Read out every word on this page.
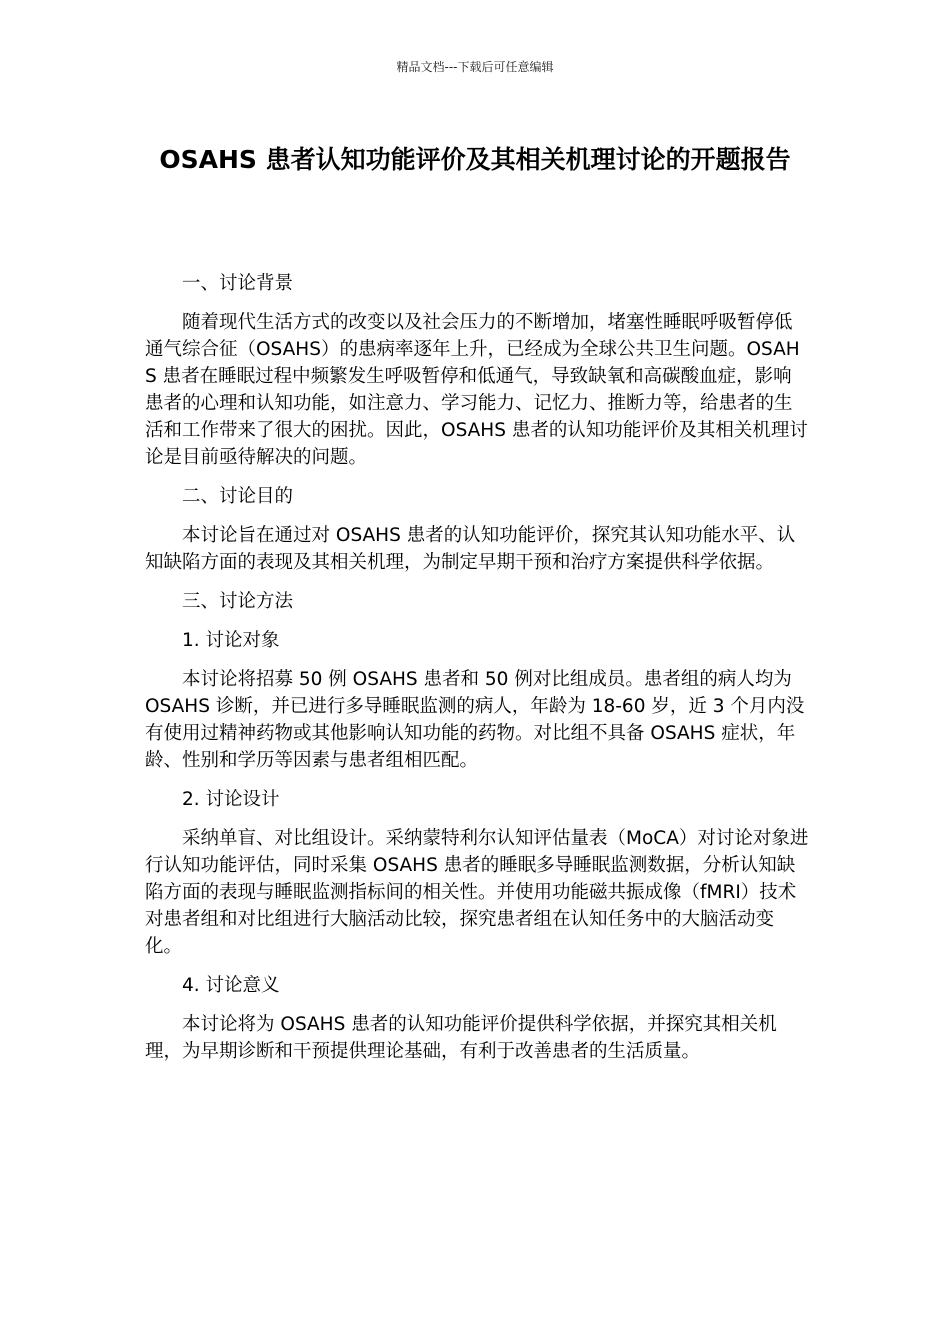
精品文档---下载后可任意编辑
OSAHS 患者认知功能评价及其相关机理讨论的开题报告

一、讨论背景

随着现代生活方式的改变以及社会压力的不断增加，堵塞性睡眠呼吸暂停低通气综合征（OSAHS）的患病率逐年上升，已经成为全球公共卫生问题。OSAHS 患者在睡眠过程中频繁发生呼吸暂停和低通气，导致缺氧和高碳酸血症，影响患者的心理和认知功能，如注意力、学习能力、记忆力、推断力等，给患者的生活和工作带来了很大的困扰。因此，OSAHS 患者的认知功能评价及其相关机理讨论是目前亟待解决的问题。

二、讨论目的

本讨论旨在通过对 OSAHS 患者的认知功能评价，探究其认知功能水平、认知缺陷方面的表现及其相关机理，为制定早期干预和治疗方案提供科学依据。

三、讨论方法

1. 讨论对象

本讨论将招募 50 例 OSAHS 患者和 50 例对比组成员。患者组的病人均为 OSAHS 诊断，并已进行多导睡眠监测的病人，年龄为 18-60 岁，近 3 个月内没有使用过精神药物或其他影响认知功能的药物。对比组不具备 OSAHS 症状，年龄、性别和学历等因素与患者组相匹配。

2. 讨论设计

采纳单盲、对比组设计。采纳蒙特利尔认知评估量表（MoCA）对讨论对象进行认知功能评估，同时采集 OSAHS 患者的睡眠多导睡眠监测数据，分析认知缺陷方面的表现与睡眠监测指标间的相关性。并使用功能磁共振成像（fMRI）技术对患者组和对比组进行大脑活动比较，探究患者组在认知任务中的大脑活动变化。

4. 讨论意义

本讨论将为 OSAHS 患者的认知功能评价提供科学依据，并探究其相关机理，为早期诊断和干预提供理论基础，有利于改善患者的生活质量。
